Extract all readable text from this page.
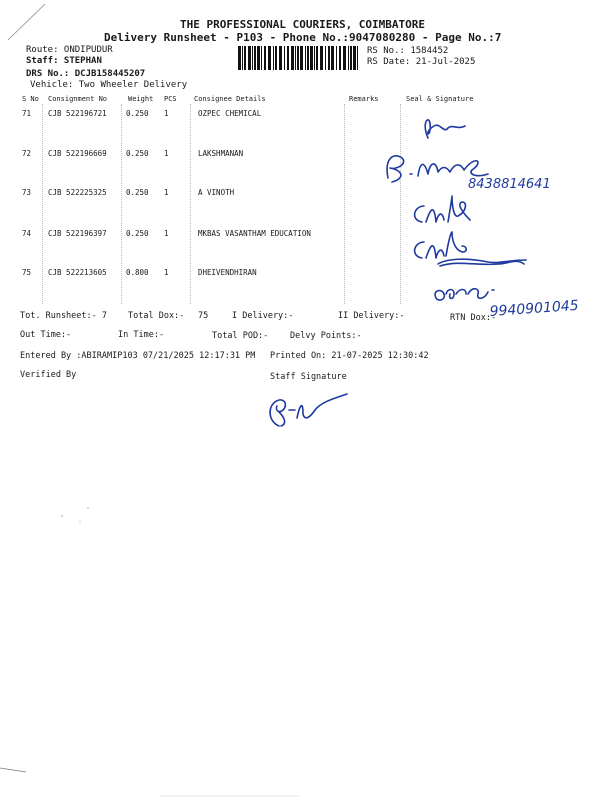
THE PROFESSIONAL COURIERS, COIMBATORE
Delivery Runsheet - P103 - Phone No.:9047080280 - Page No.:7
Route: ONDIPUDUR
Staff: STEPHAN
DRS No.: DCJB158445207
Vehicle: Two Wheeler Delivery
RS No.: 1584452
RS Date: 21-Jul-2025
S No Consignment No	Weight PCS Consignee Details	Remarks	Seal & Signature
71 CJB 522196721	0.250 1	OZPEC CHEMICAL
72 CJB 522196669	0.250 1	LAKSHMANAN
73 CJB 522225325	0.250 1	A VINOTH
74 CJB 522196397	0.250 1	MKBAS VASANTHAM EDUCATION
75 CJB 522213605	0.800 1	DHEIVENDHIRAN
8438814641
9940901045
Tot. Runsheet:- 7 Total Dox:- 75	I Delivery:-	II Delivery:-	RTN Dox:-
Out Time:-	In Time:-	Total POD:-	Delvy Points:-
Entered By :ABIRAMIP103 07/21/2025 12:17:31 PM Printed On: 21-07-2025 12:30:42
Verified By	Staff Signature
